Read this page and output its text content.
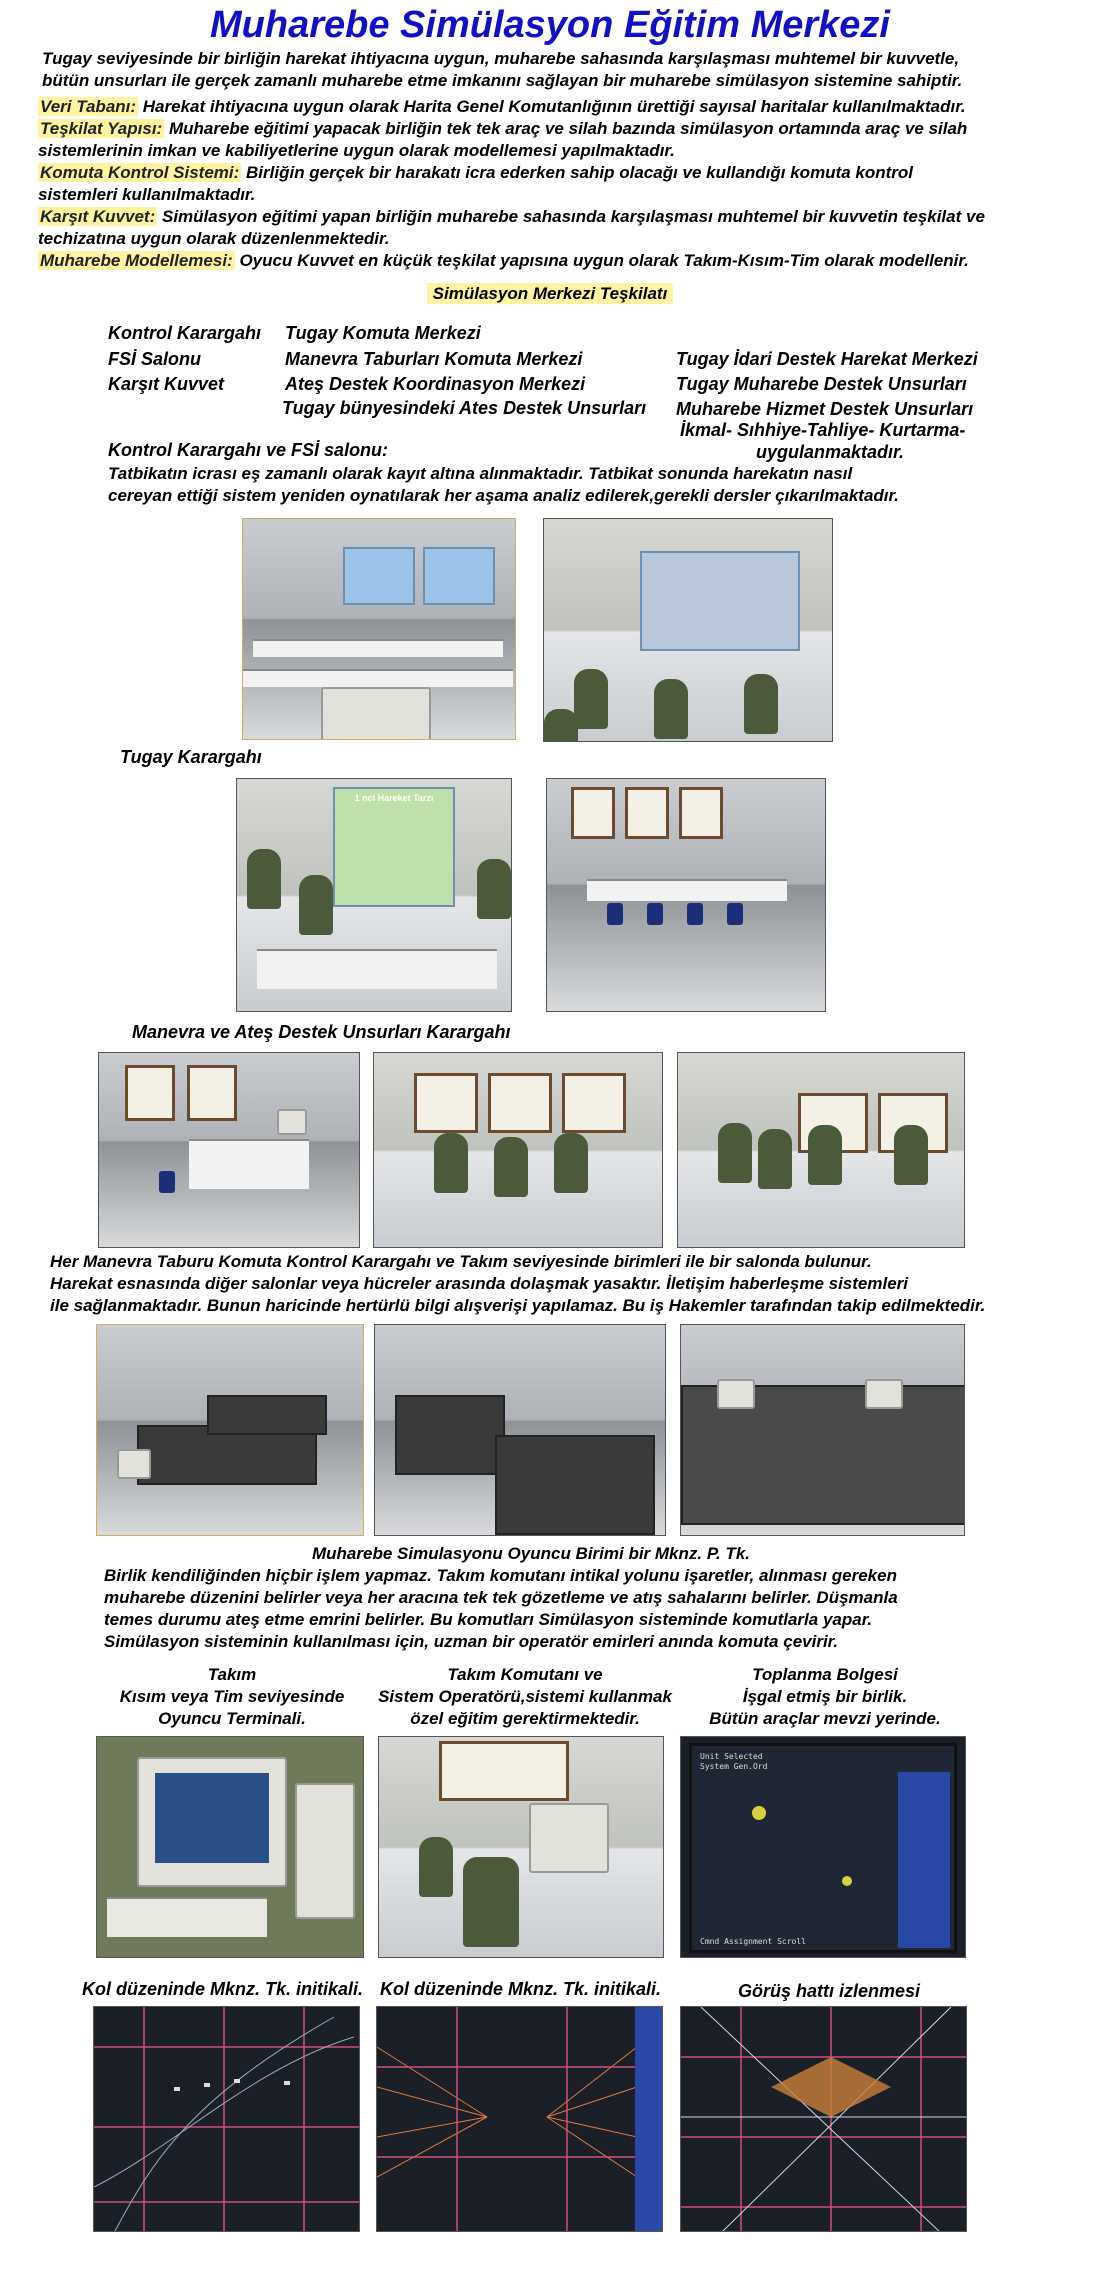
Muharebe Simülasyon Eğitim Merkezi
Tugay seviyesinde bir birliğin harekat ihtiyacına uygun, muharebe sahasında karşılaşması muhtemel bir kuvvetle,
bütün unsurları ile gerçek zamanlı muharebe etme imkanını sağlayan bir muharebe simülasyon sistemine sahiptir.
Veri Tabanı: Harekat ihtiyacına uygun olarak Harita Genel Komutanlığının ürettiği sayısal haritalar kullanılmaktadır.
Teşkilat Yapısı: Muharebe eğitimi yapacak birliğin tek tek araç ve silah bazında simülasyon ortamında araç ve silah
sistemlerinin imkan ve kabiliyetlerine uygun olarak modellemesi yapılmaktadır.
Komuta Kontrol Sistemi: Birliğin gerçek bir harakatı icra ederken sahip olacağı ve kullandığı komuta kontrol
sistemleri kullanılmaktadır.
Karşıt Kuvvet: Simülasyon eğitimi yapan birliğin muharebe sahasında karşılaşması muhtemel bir kuvvetin teşkilat ve
techizatına uygun olarak düzenlenmektedir.
Muharebe Modellemesi: Oyucu Kuvvet en küçük teşkilat yapısına uygun olarak Takım-Kısım-Tim olarak modellenir.
Simülasyon Merkezi Teşkilatı
Kontrol Karargahı
FSİ Salonu
Karşıt Kuvvet
Tugay Komuta Merkezi
Manevra Taburları Komuta Merkezi
Ateş Destek Koordinasyon Merkezi
Tugay bünyesindeki Ates Destek Unsurları
Tugay İdari Destek Harekat Merkezi
Tugay Muharebe Destek Unsurları
Muharebe Hizmet Destek Unsurları
İkmal- Sıhhiye-Tahliye- Kurtarma-
uygulanmaktadır.
Kontrol Karargahı ve FSİ salonu:
Tatbikatın icrası eş zamanlı olarak kayıt altına alınmaktadır. Tatbikat sonunda harekatın nasıl
cereyan ettiği sistem yeniden oynatılarak her aşama analiz edilerek,gerekli dersler çıkarılmaktadır.
Tugay Karargahı
1 nci Hareket Tarzı
Manevra ve Ateş Destek Unsurları Karargahı
Her Manevra Taburu Komuta Kontrol Karargahı ve Takım seviyesinde birimleri ile bir salonda bulunur.
Harekat esnasında diğer salonlar veya hücreler arasında dolaşmak yasaktır. İletişim haberleşme sistemleri
ile sağlanmaktadır. Bunun haricinde hertürlü bilgi alışverişi yapılamaz. Bu iş Hakemler tarafından takip edilmektedir.
Muharebe Simulasyonu Oyuncu Birimi bir Mknz. P. Tk.
Birlik kendiliğinden hiçbir işlem yapmaz. Takım komutanı intikal yolunu işaretler, alınması gereken
muharebe düzenini belirler veya her aracına tek tek gözetleme ve atış sahalarını belirler. Düşmanla
temes durumu ateş etme emrini belirler. Bu komutları Simülasyon sisteminde komutlarla yapar.
Simülasyon sisteminin kullanılması için, uzman bir operatör emirleri anında komuta çevirir.
Takım
Kısım veya Tim seviyesinde
Oyuncu Terminali.
Takım Komutanı ve
Sistem Operatörü,sistemi kullanmak
özel eğitim gerektirmektedir.
Toplanma Bolgesi
İşgal etmiş bir birlik.
Bütün araçlar mevzi yerinde.
Unit Selected
System Gen.Ord
Cmnd Assignment Scroll
Kol düzeninde Mknz. Tk. initikali. Kol düzeninde Mknz. Tk. initikali.	Görüş hattı izlenmesi
